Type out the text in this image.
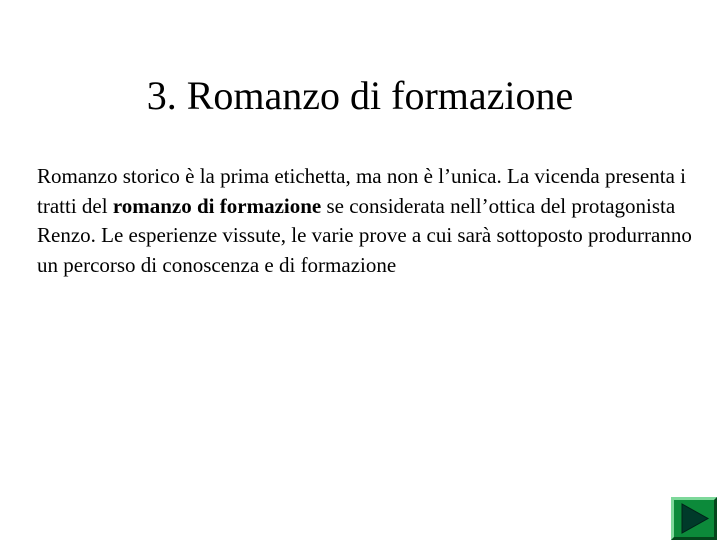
3. Romanzo di formazione

Romanzo storico è la prima etichetta, ma non è l’unica. La vicenda presenta i tratti del romanzo di formazione se considerata nell’ottica del protagonista Renzo. Le esperienze vissute, le varie prove a cui sarà sottoposto produrranno un percorso di conoscenza e di formazione
